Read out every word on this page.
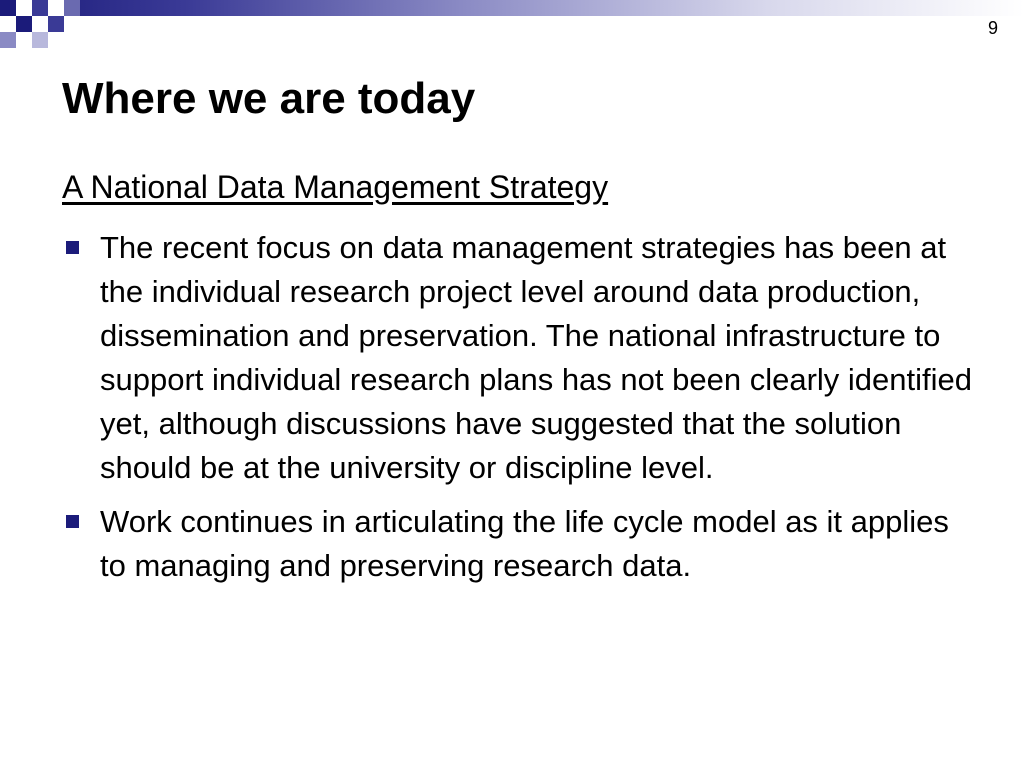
9
Where we are today
A National Data Management Strategy
The recent focus on data management strategies has been at the individual research project level around data production, dissemination and preservation. The national infrastructure to support individual research plans has not been clearly identified yet, although discussions have suggested that the solution should be at the university or discipline level.
Work continues in articulating the life cycle model as it applies to managing and preserving research data.
